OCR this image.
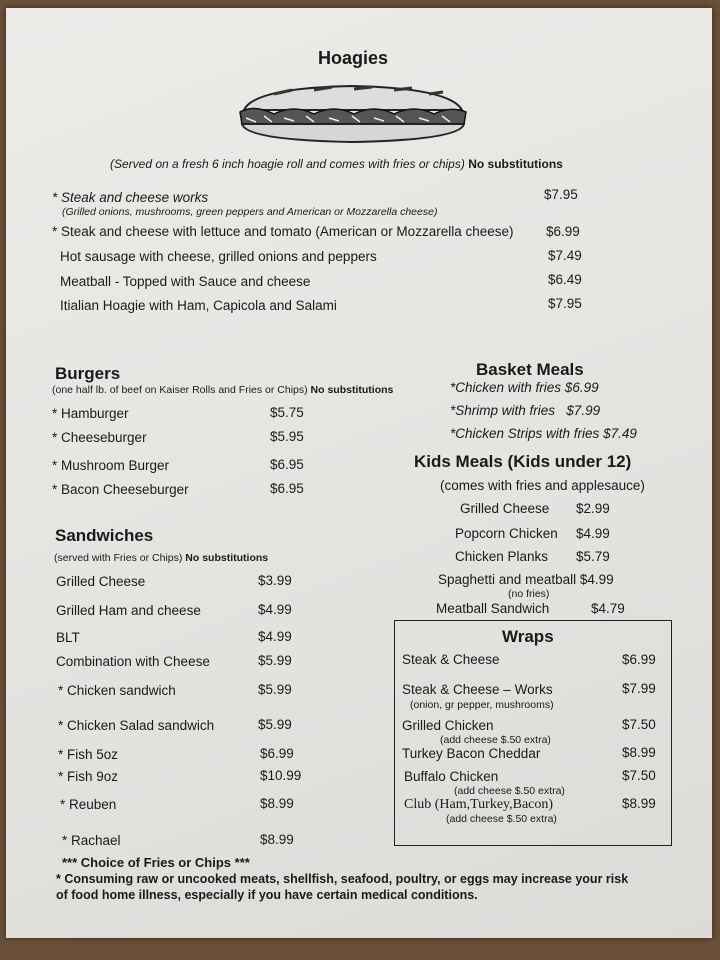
Hoagies
(Served on a fresh 6 inch hoagie roll and comes with fries or chips) No substitutions
* Steak and cheese works	$7.95
(Grilled onions, mushrooms, green peppers and American or Mozzarella cheese)
* Steak and cheese with lettuce and tomato (American or Mozzarella cheese) $6.99
Hot sausage with cheese, grilled onions and peppers	$7.49
Meatball - Topped with Sauce and cheese	$6.49
Itialian Hoagie with Ham, Capicola and Salami	$7.95
Burgers
(one half lb. of beef on Kaiser Rolls and Fries or Chips) No substitutions
* Hamburger	$5.75
* Cheeseburger	$5.95
* Mushroom Burger	$6.95
* Bacon Cheeseburger	$6.95
Basket Meals
*Chicken with fries $6.99
*Shrimp with fries $7.99
*Chicken Strips with fries $7.49
Kids Meals (Kids under 12)
(comes with fries and applesauce)
Grilled Cheese $2.99
Popcorn Chicken $4.99
Chicken Planks $5.79
Spaghetti and meatball $4.99
(no fries)
Meatball Sandwich	$4.79
Sandwiches
(served with Fries or Chips) No substitutions
Grilled Cheese	$3.99
Grilled Ham and cheese	$4.99
BLT	$4.99
Combination with Cheese	$5.99
* Chicken sandwich	$5.99
* Chicken Salad sandwich	$5.99
* Fish 5oz	$6.99
* Fish 9oz	$10.99
* Reuben	$8.99
* Rachael	$8.99
Wraps
Steak & Cheese	$6.99
Steak & Cheese – Works	$7.99
(onion, gr pepper, mushrooms)
Grilled Chicken	$7.50
(add cheese $.50 extra)
Turkey Bacon Cheddar	$8.99
Buffalo Chicken	$7.50
(add cheese $.50 extra)
Club (Ham,Turkey,Bacon)	$8.99
(add cheese $.50 extra)
*** Choice of Fries or Chips ***
* Consuming raw or uncooked meats, shellfish, seafood, poultry, or eggs may increase your risk
of food home illness, especially if you have certain medical conditions.
